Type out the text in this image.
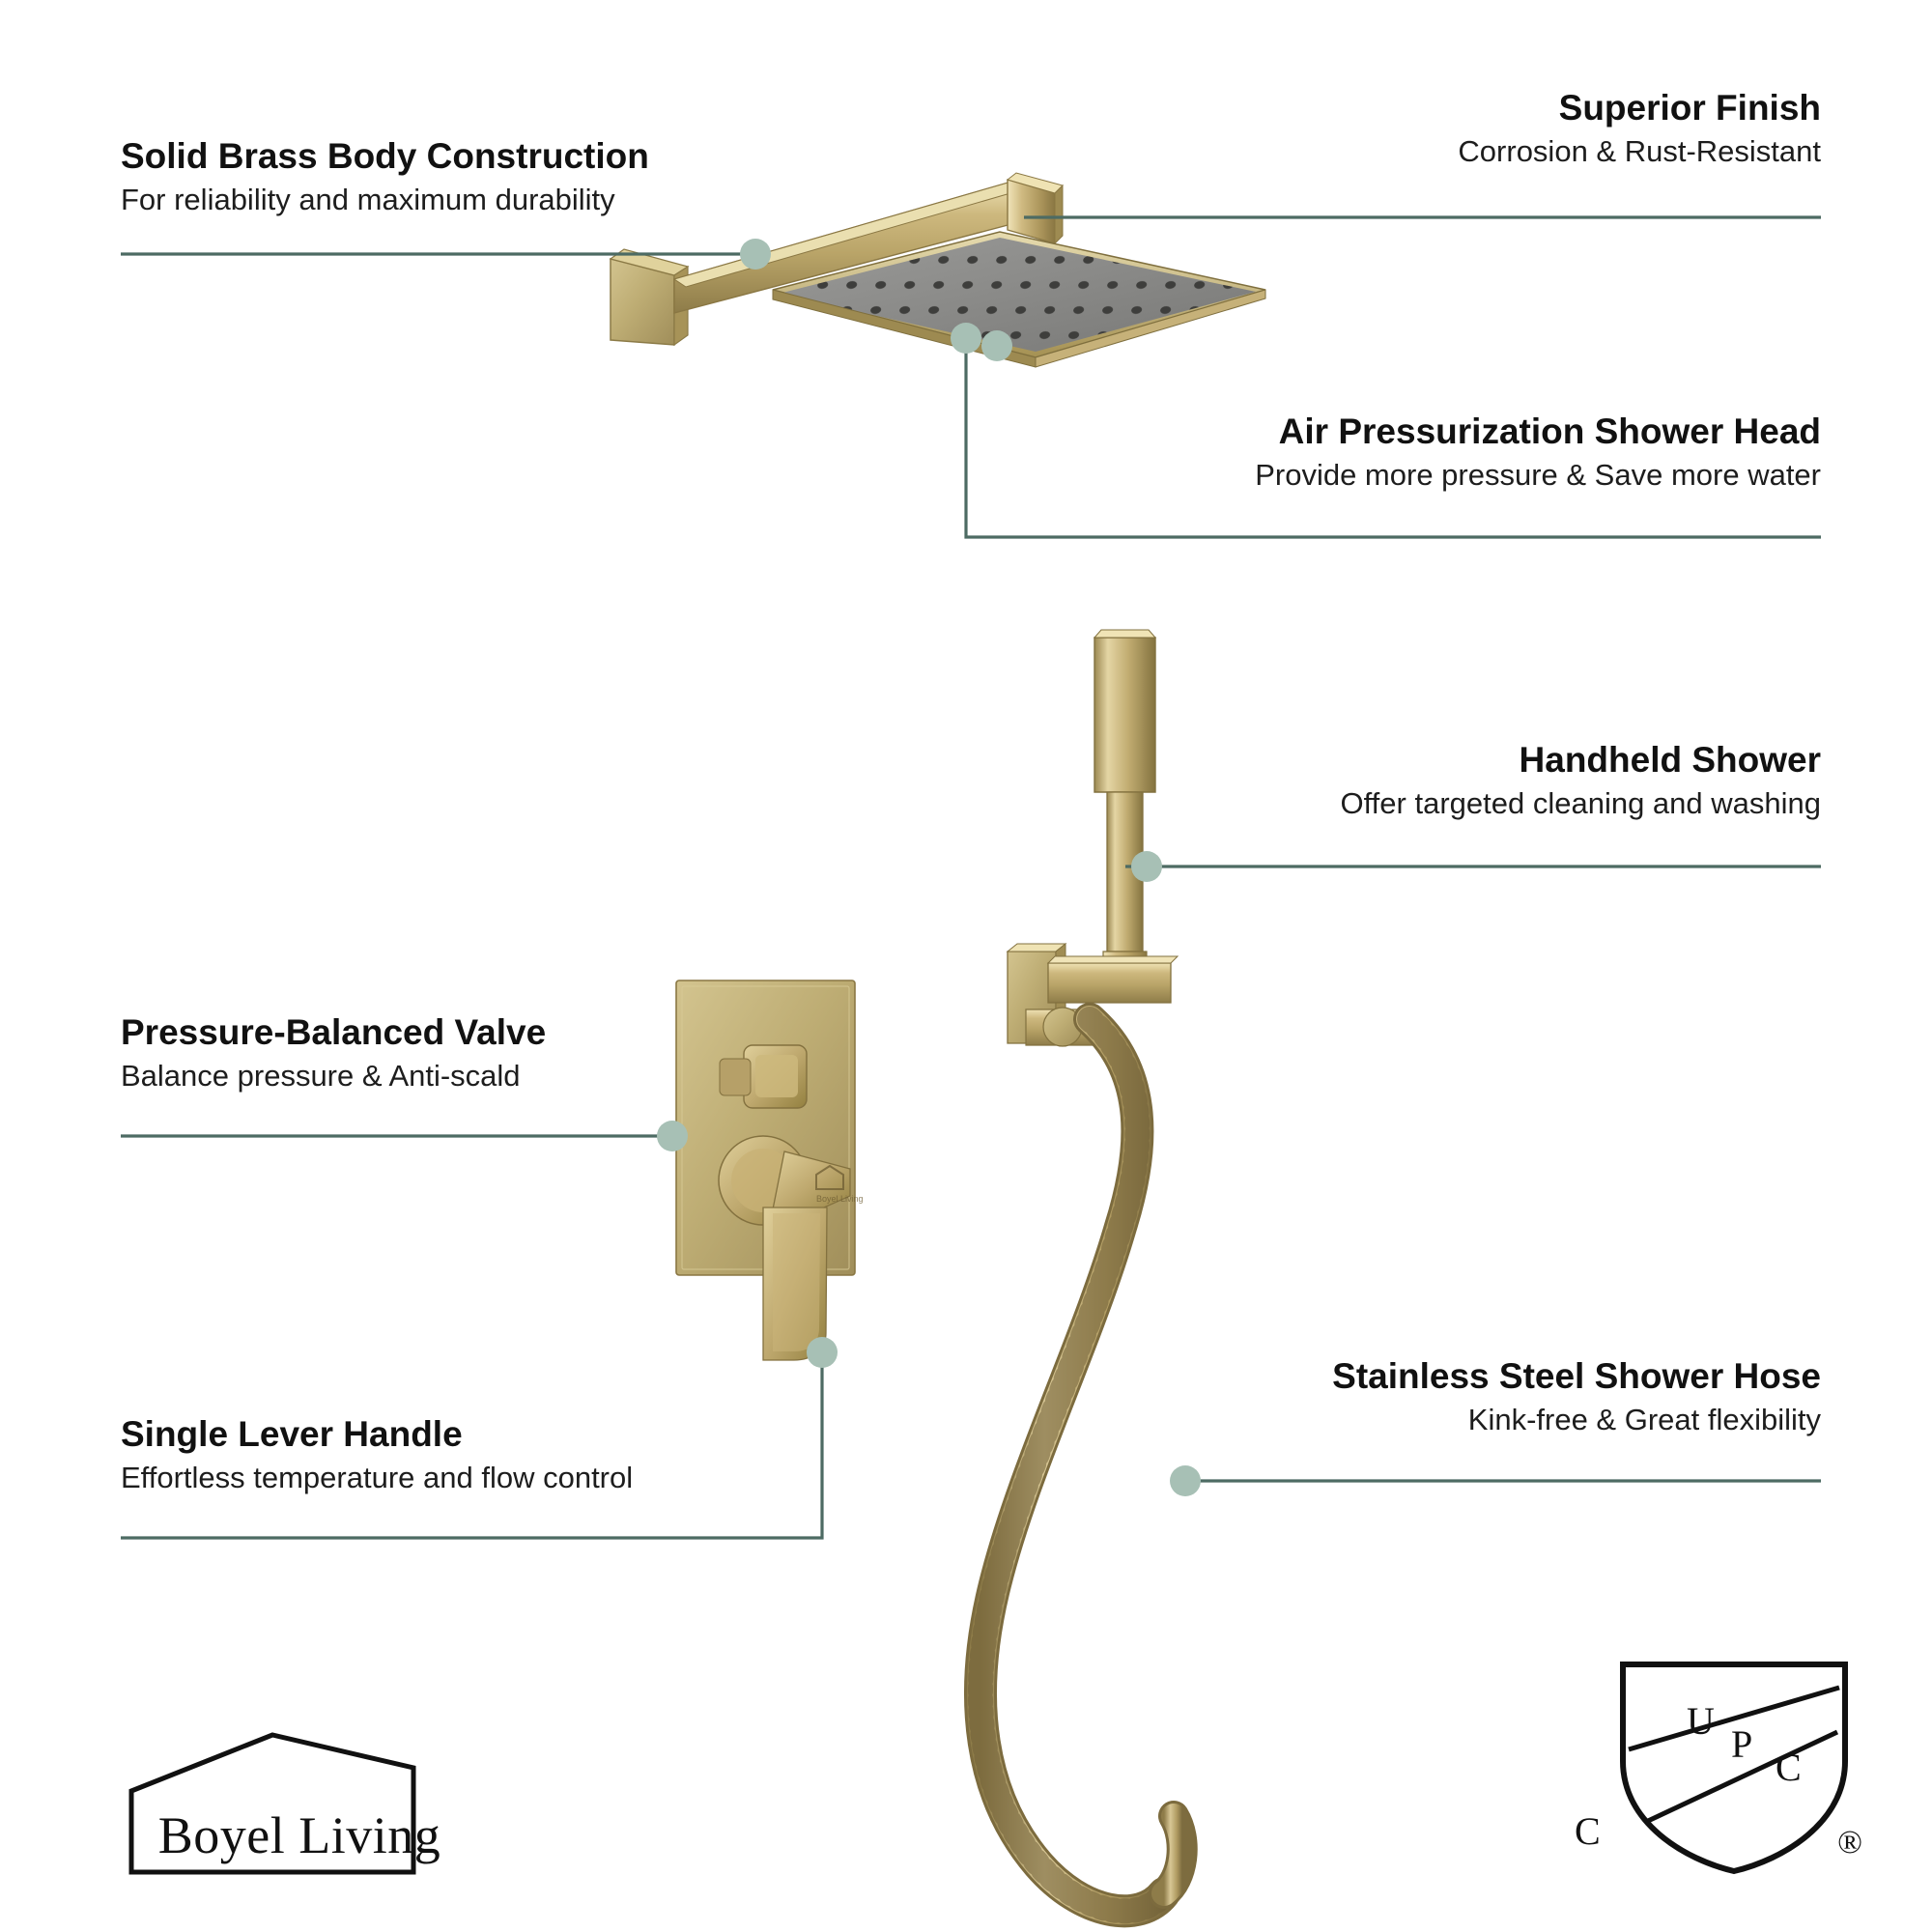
Boyel Living
Solid Brass Body Construction
For reliability and maximum durability
Superior Finish
Corrosion & Rust-Resistant
Air Pressurization Shower Head
Provide more pressure & Save more water
Handheld Shower
Offer targeted cleaning and washing
Pressure-Balanced Valve
Balance pressure & Anti-scald
Single Lever Handle
Effortless temperature and flow control
Stainless Steel Shower Hose
Kink-free & Great flexibility
Boyel Living
U
P
C
C	®
